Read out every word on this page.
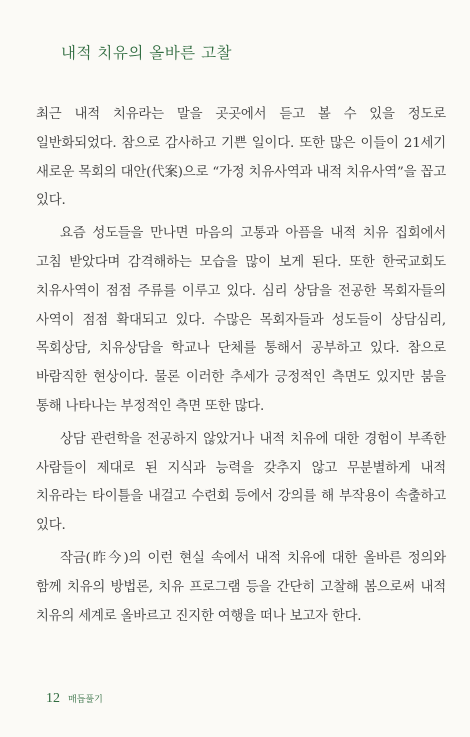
내적 치유의 올바른 고찰

최근 내적 치유라는 말을 곳곳에서 듣고 볼 수 있을 정도로 일반화되었다. 참으로 감사하고 기쁜 일이다. 또한 많은 이들이 21세기 새로운 목회의 대안(代案)으로 “가정 치유사역과 내적 치유사역”을 꼽고 있다.

요즘 성도들을 만나면 마음의 고통과 아픔을 내적 치유 집회에서 고침 받았다며 감격해하는 모습을 많이 보게 된다. 또한 한국교회도 치유사역이 점점 주류를 이루고 있다. 심리 상담을 전공한 목회자들의 사역이 점점 확대되고 있다. 수많은 목회자들과 성도들이 상담심리, 목회상담, 치유상담을 학교나 단체를 통해서 공부하고 있다. 참으로 바람직한 현상이다. 물론 이러한 추세가 긍정적인 측면도 있지만 붐을 통해 나타나는 부정적인 측면 또한 많다.

상담 관련학을 전공하지 않았거나 내적 치유에 대한 경험이 부족한 사람들이 제대로 된 지식과 능력을 갖추지 않고 무분별하게 내적 치유라는 타이틀을 내걸고 수련회 등에서 강의를 해 부작용이 속출하고 있다.

작금(昨今)의 이런 현실 속에서 내적 치유에 대한 올바른 정의와 함께 치유의 방법론, 치유 프로그램 등을 간단히 고찰해 봄으로써 내적 치유의 세계로 올바르고 진지한 여행을 떠나 보고자 한다.

12 매듭풀기
